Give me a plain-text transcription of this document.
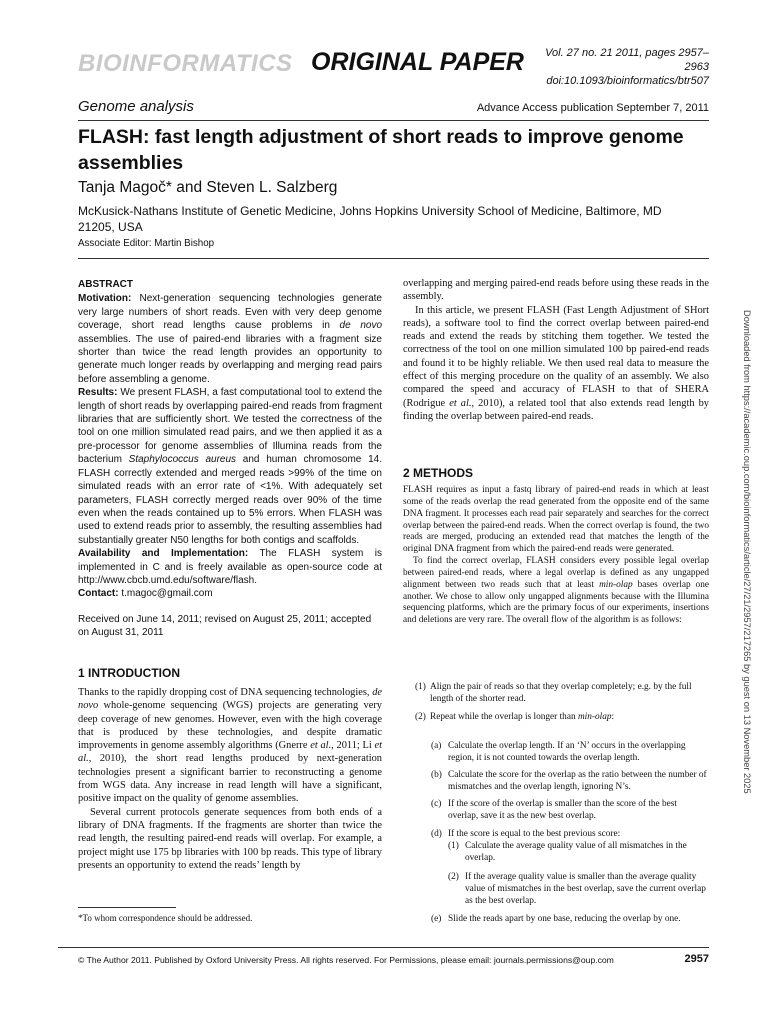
BIOINFORMATICS ORIGINAL PAPER	Vol. 27 no. 21 2011, pages 2957–2963
doi:10.1093/bioinformatics/btr507
Genome analysis	Advance Access publication September 7, 2011
FLASH: fast length adjustment of short reads to improve genome assemblies
Tanja Magoč* and Steven L. Salzberg
McKusick-Nathans Institute of Genetic Medicine, Johns Hopkins University School of Medicine, Baltimore, MD 21205, USA
Associate Editor: Martin Bishop
ABSTRACT

Motivation: Next-generation sequencing technologies generate very large numbers of short reads. Even with very deep genome coverage, short read lengths cause problems in de novo assemblies. The use of paired-end libraries with a fragment size shorter than twice the read length provides an opportunity to generate much longer reads by overlapping and merging read pairs before assembling a genome.

Results: We present FLASH, a fast computational tool to extend the length of short reads by overlapping paired-end reads from fragment libraries that are sufficiently short. We tested the correctness of the tool on one million simulated read pairs, and we then applied it as a pre-processor for genome assemblies of Illumina reads from the bacterium Staphylococcus aureus and human chromosome 14. FLASH correctly extended and merged reads >99% of the time on simulated reads with an error rate of <1%. With adequately set parameters, FLASH correctly merged reads over 90% of the time even when the reads contained up to 5% errors. When FLASH was used to extend reads prior to assembly, the resulting assemblies had substantially greater N50 lengths for both contigs and scaffolds.

Availability and Implementation: The FLASH system is implemented in C and is freely available as open-source code at http://www.cbcb.umd.edu/software/flash.

Contact: t.magoc@gmail.com

Received on June 14, 2011; revised on August 25, 2011; accepted on August 31, 2011
1 INTRODUCTION

Thanks to the rapidly dropping cost of DNA sequencing technologies, de novo whole-genome sequencing (WGS) projects are generating very deep coverage of new genomes. However, even with the high coverage that is produced by these technologies, and despite dramatic improvements in genome assembly algorithms (Gnerre et al., 2011; Li et al., 2010), the short read lengths produced by next-generation technologies present a significant barrier to reconstructing a genome from WGS data. Any increase in read length will have a significant, positive impact on the quality of genome assemblies.

Several current protocols generate sequences from both ends of a library of DNA fragments. If the fragments are shorter than twice the read length, the resulting paired-end reads will overlap. For example, a project might use 175 bp libraries with 100 bp reads. This type of library presents an opportunity to extend the reads’ length by

*To whom correspondence should be addressed.

overlapping and merging paired-end reads before using these reads in the assembly.

In this article, we present FLASH (Fast Length Adjustment of SHort reads), a software tool to find the correct overlap between paired-end reads and extend the reads by stitching them together. We tested the correctness of the tool on one million simulated 100 bp paired-end reads and found it to be highly reliable. We then used real data to measure the effect of this merging procedure on the quality of an assembly. We also compared the speed and accuracy of FLASH to that of SHERA (Rodrigue et al., 2010), a related tool that also extends read length by finding the overlap between paired-end reads.

2 METHODS

FLASH requires as input a fastq library of paired-end reads in which at least some of the reads overlap the read generated from the opposite end of the same DNA fragment. It processes each read pair separately and searches for the correct overlap between the paired-end reads. When the correct overlap is found, the two reads are merged, producing an extended read that matches the length of the original DNA fragment from which the paired-end reads were generated.

To find the correct overlap, FLASH considers every possible legal overlap between paired-end reads, where a legal overlap is defined as any ungapped alignment between two reads such that at least min-olap bases overlap one another. We chose to allow only ungapped alignments because with the Illumina sequencing platforms, which are the primary focus of our experiments, insertions and deletions are very rare. The overall flow of the algorithm is as follows:

(1) Align the pair of reads so that they overlap completely; e.g. by the full length of the shorter read.
(2) Repeat while the overlap is longer than min-olap:
(a) Calculate the overlap length. If an ‘N’ occurs in the overlapping region, it is not counted towards the overlap length.
(b) Calculate the score for the overlap as the ratio between the number of mismatches and the overlap length, ignoring N’s.
(c) If the score of the overlap is smaller than the score of the best overlap, save it as the new best overlap.
(d) If the score is equal to the best previous score:
(1) Calculate the average quality value of all mismatches in the overlap.
(2) If the average quality value is smaller than the average quality value of mismatches in the best overlap, save the current overlap as the best overlap.
(e) Slide the reads apart by one base, reducing the overlap by one.
© The Author 2011. Published by Oxford University Press. All rights reserved. For Permissions, please email: journals.permissions@oup.com	2957
Downloaded from https://academic.oup.com/bioinformatics/article/27/21/2957/217265 by guest on 13 November 2025
